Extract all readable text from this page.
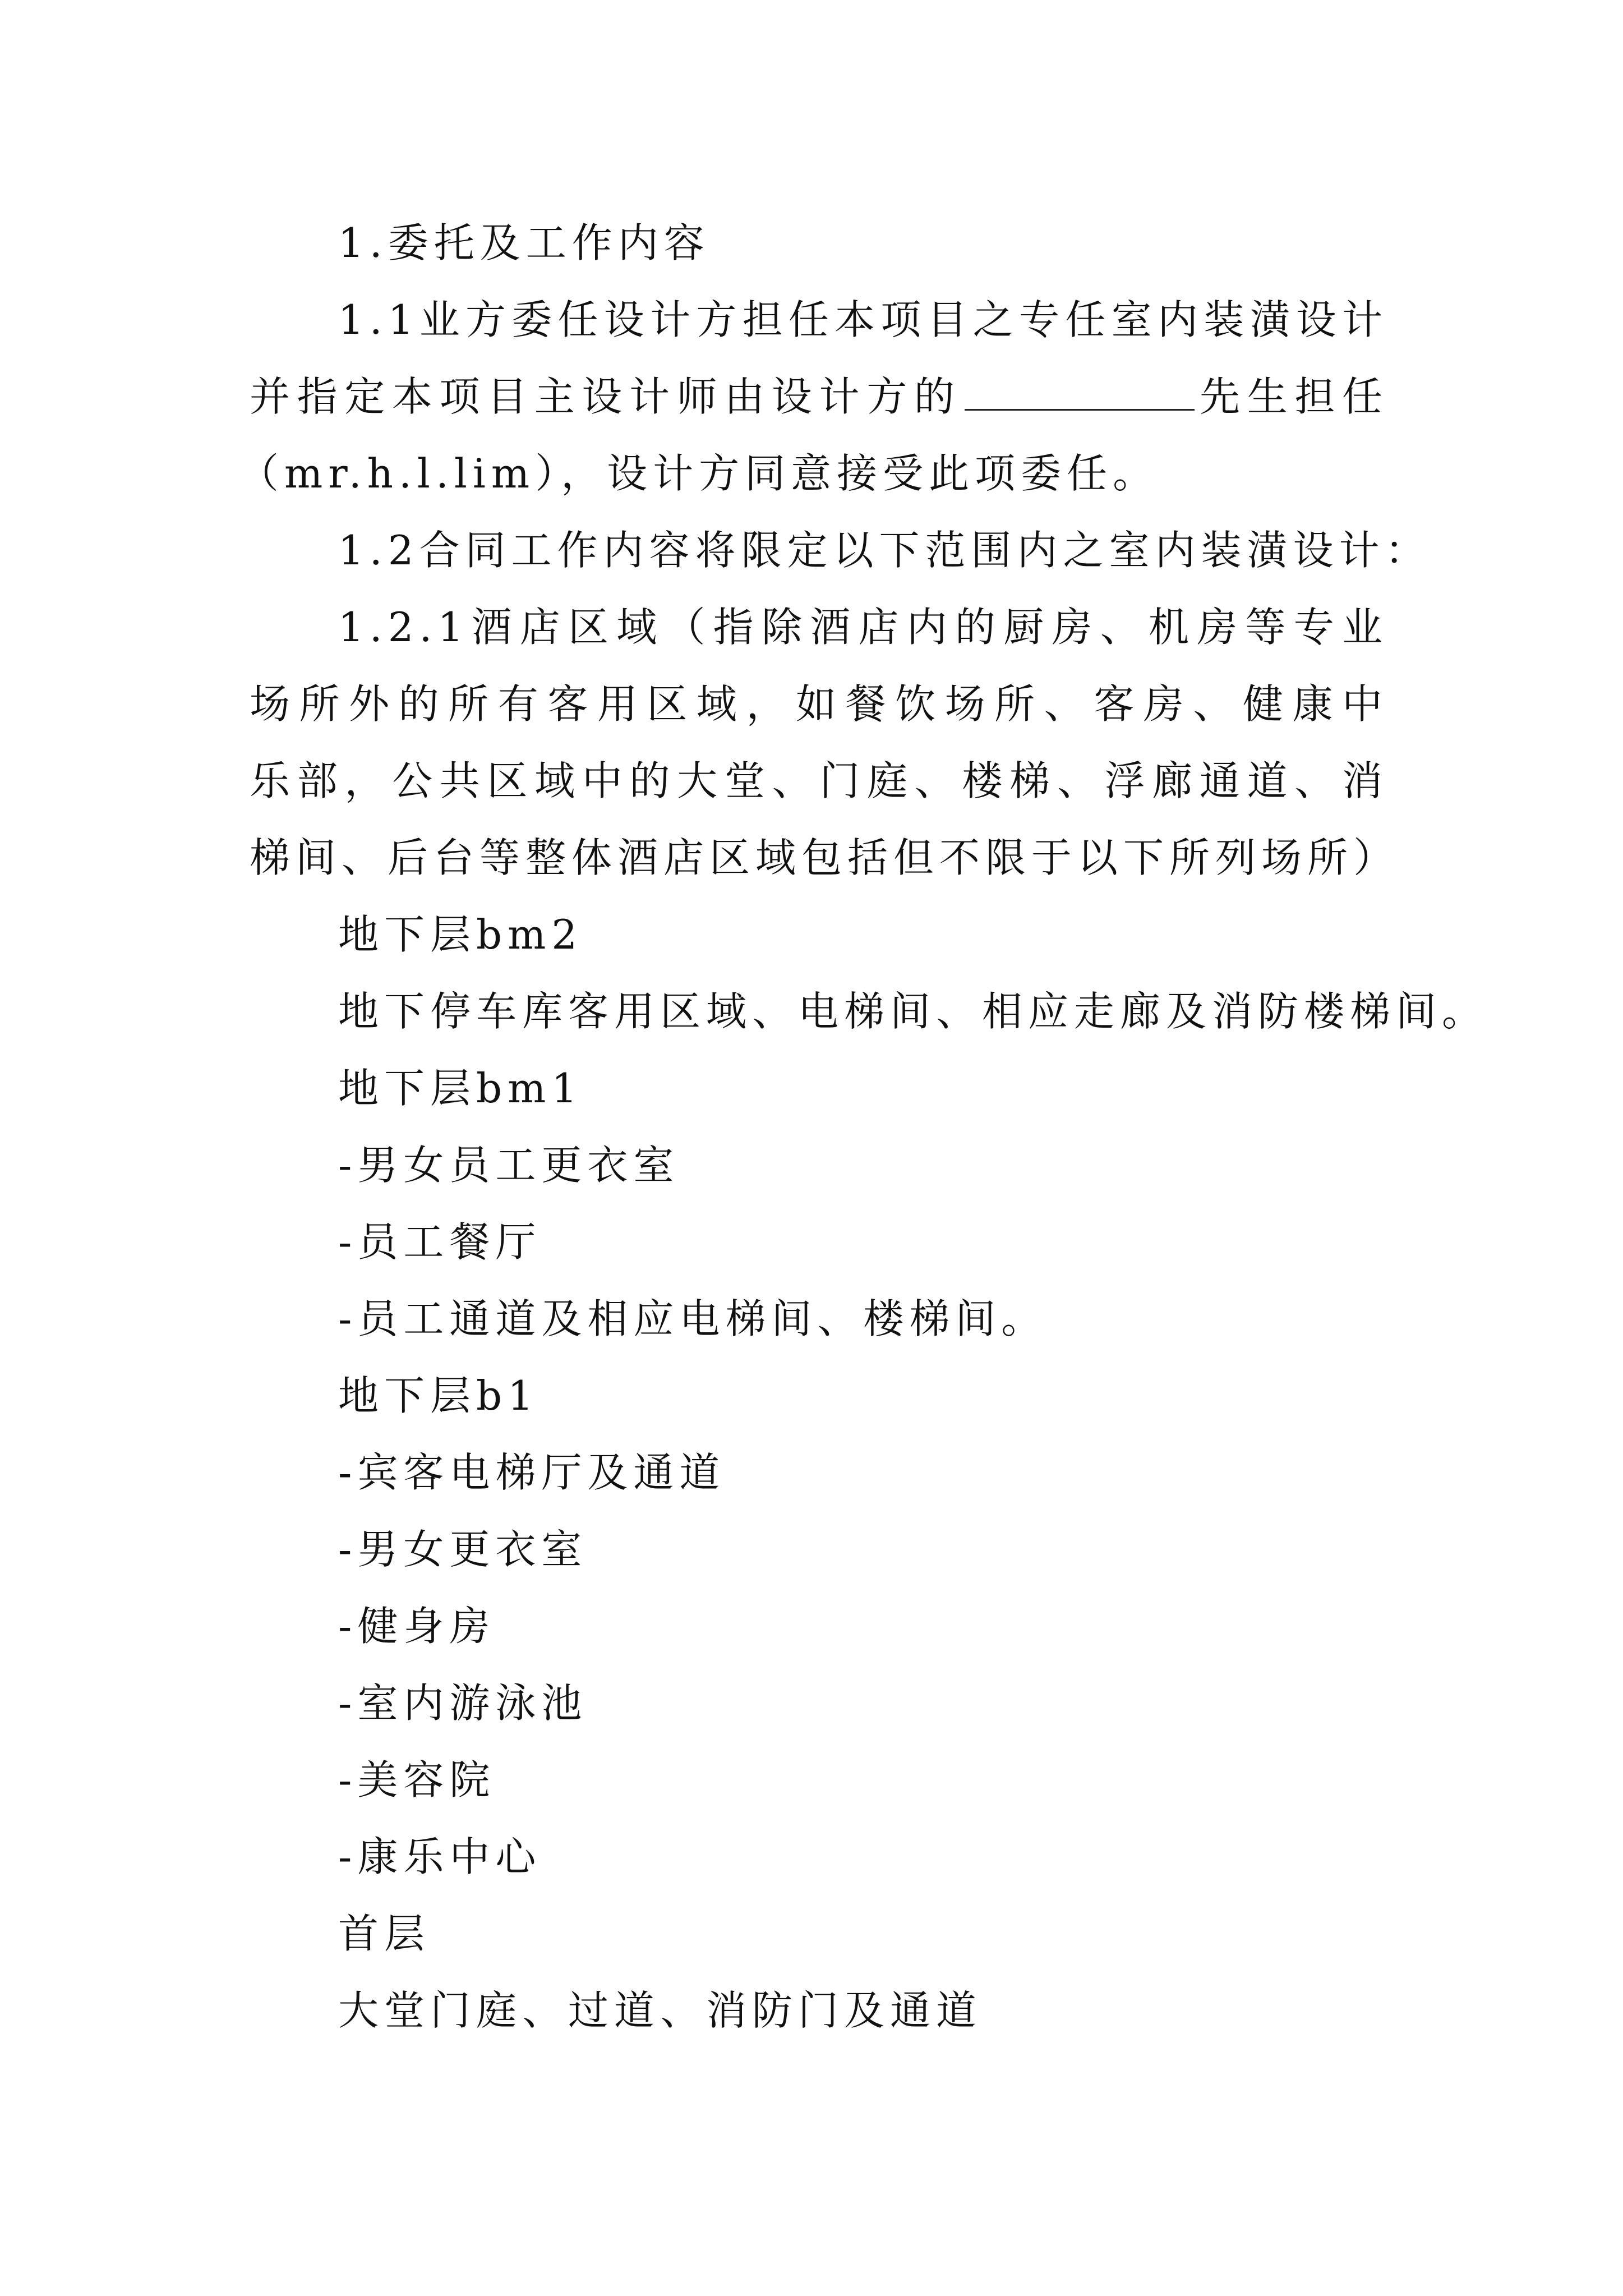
1.委托及工作内容
1.1业方委任设计方担任本项目之专任室内装潢设计
并指定本项目主设计师由设计方的	先生担任
（mr.h.l.lim），设计方同意接受此项委任。
1.2合同工作内容将限定以下范围内之室内装潢设计：
1.2.1酒店区域（指除酒店内的厨房、机房等专业
场所外的所有客用区域，如餐饮场所、客房、健康中
乐部，公共区域中的大堂、门庭、楼梯、浮廊通道、消
梯间、后台等整体酒店区域包括但不限于以下所列场所）
地下层bm2
地下停车库客用区域、电梯间、相应走廊及消防楼梯间。
地下层bm1
-男女员工更衣室
-员工餐厅
-员工通道及相应电梯间、楼梯间。
地下层b1
-宾客电梯厅及通道
-男女更衣室
-健身房
-室内游泳池
-美容院
-康乐中心
首层
大堂门庭、过道、消防门及通道
